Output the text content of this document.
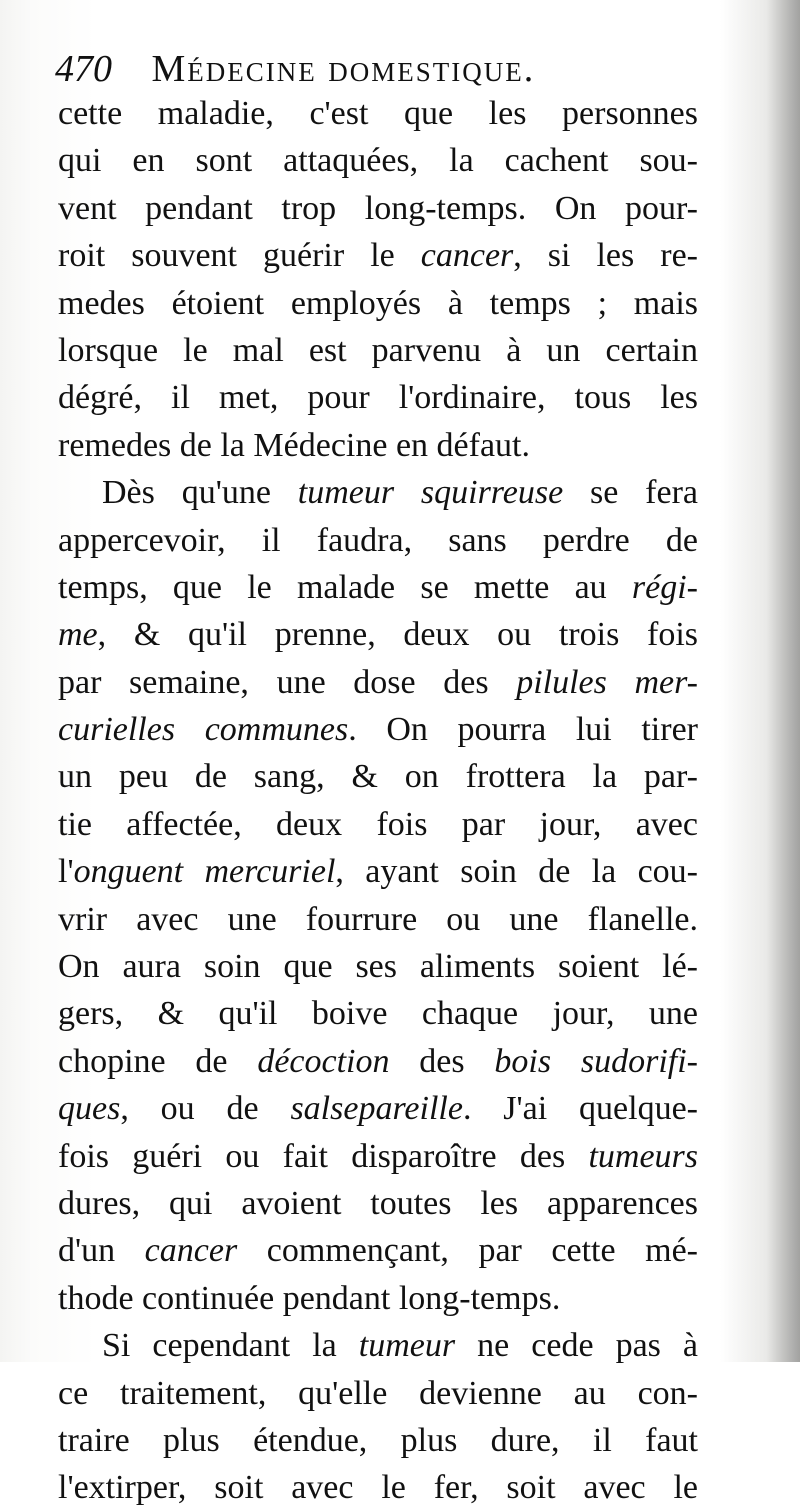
470 Médecine domestique.
cette maladie, c'est que les personnes
qui en sont attaquées, la cachent sou-
vent pendant trop long-temps. On pour-
roit souvent guérir le cancer, si les re-
medes étoient employés à temps ; mais
lorsque le mal est parvenu à un certain
dégré, il met, pour l'ordinaire, tous les
remedes de la Médecine en défaut.
Dès qu'une tumeur squirreuse se fera
appercevoir, il faudra, sans perdre de
temps, que le malade se mette au régi-
me, & qu'il prenne, deux ou trois fois
par semaine, une dose des pilules mer-
curielles communes. On pourra lui tirer
un peu de sang, & on frottera la par-
tie affectée, deux fois par jour, avec
l'onguent mercuriel, ayant soin de la cou-
vrir avec une fourrure ou une flanelle.
On aura soin que ses aliments soient lé-
gers, & qu'il boive chaque jour, une
chopine de décoction des bois sudorifi-
ques, ou de salsepareille. J'ai quelque-
fois guéri ou fait disparoître des tumeurs
dures, qui avoient toutes les apparences
d'un cancer commençant, par cette mé-
thode continuée pendant long-temps.
Si cependant la tumeur ne cede pas à
ce traitement, qu'elle devienne au con-
traire plus étendue, plus dure, il faut
l'extirper, soit avec le fer, soit avec le
